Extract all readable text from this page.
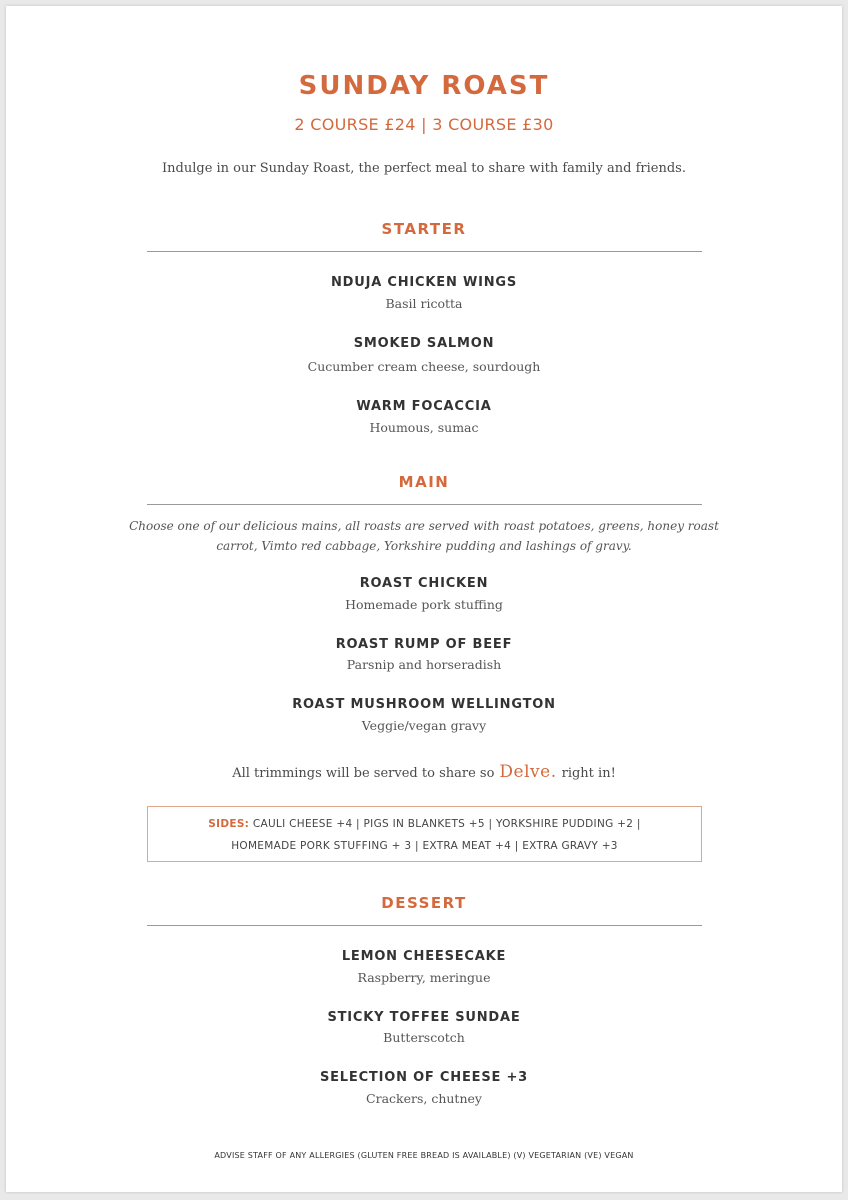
SUNDAY ROAST
2 COURSE £24 | 3 COURSE £30
Indulge in our Sunday Roast, the perfect meal to share with family and friends.
STARTER
NDUJA CHICKEN WINGS
Basil ricotta
SMOKED SALMON
Cucumber cream cheese, sourdough
WARM FOCACCIA
Houmous, sumac
MAIN
Choose one of our delicious mains, all roasts are served with roast potatoes, greens, honey roast
carrot, Vimto red cabbage, Yorkshire pudding and lashings of gravy.
ROAST CHICKEN
Homemade pork stuffing
ROAST RUMP OF BEEF
Parsnip and horseradish
ROAST MUSHROOM WELLINGTON
Veggie/vegan gravy
All trimmings will be served to share so Delve. right in!
SIDES: CAULI CHEESE +4 | PIGS IN BLANKETS +5 | YORKSHIRE PUDDING +2 |
HOMEMADE PORK STUFFING + 3 | EXTRA MEAT +4 | EXTRA GRAVY +3
DESSERT
LEMON CHEESECAKE
Raspberry, meringue
STICKY TOFFEE SUNDAE
Butterscotch
SELECTION OF CHEESE +3
Crackers, chutney
ADVISE STAFF OF ANY ALLERGIES (GLUTEN FREE BREAD IS AVAILABLE) (V) VEGETARIAN (VE) VEGAN
